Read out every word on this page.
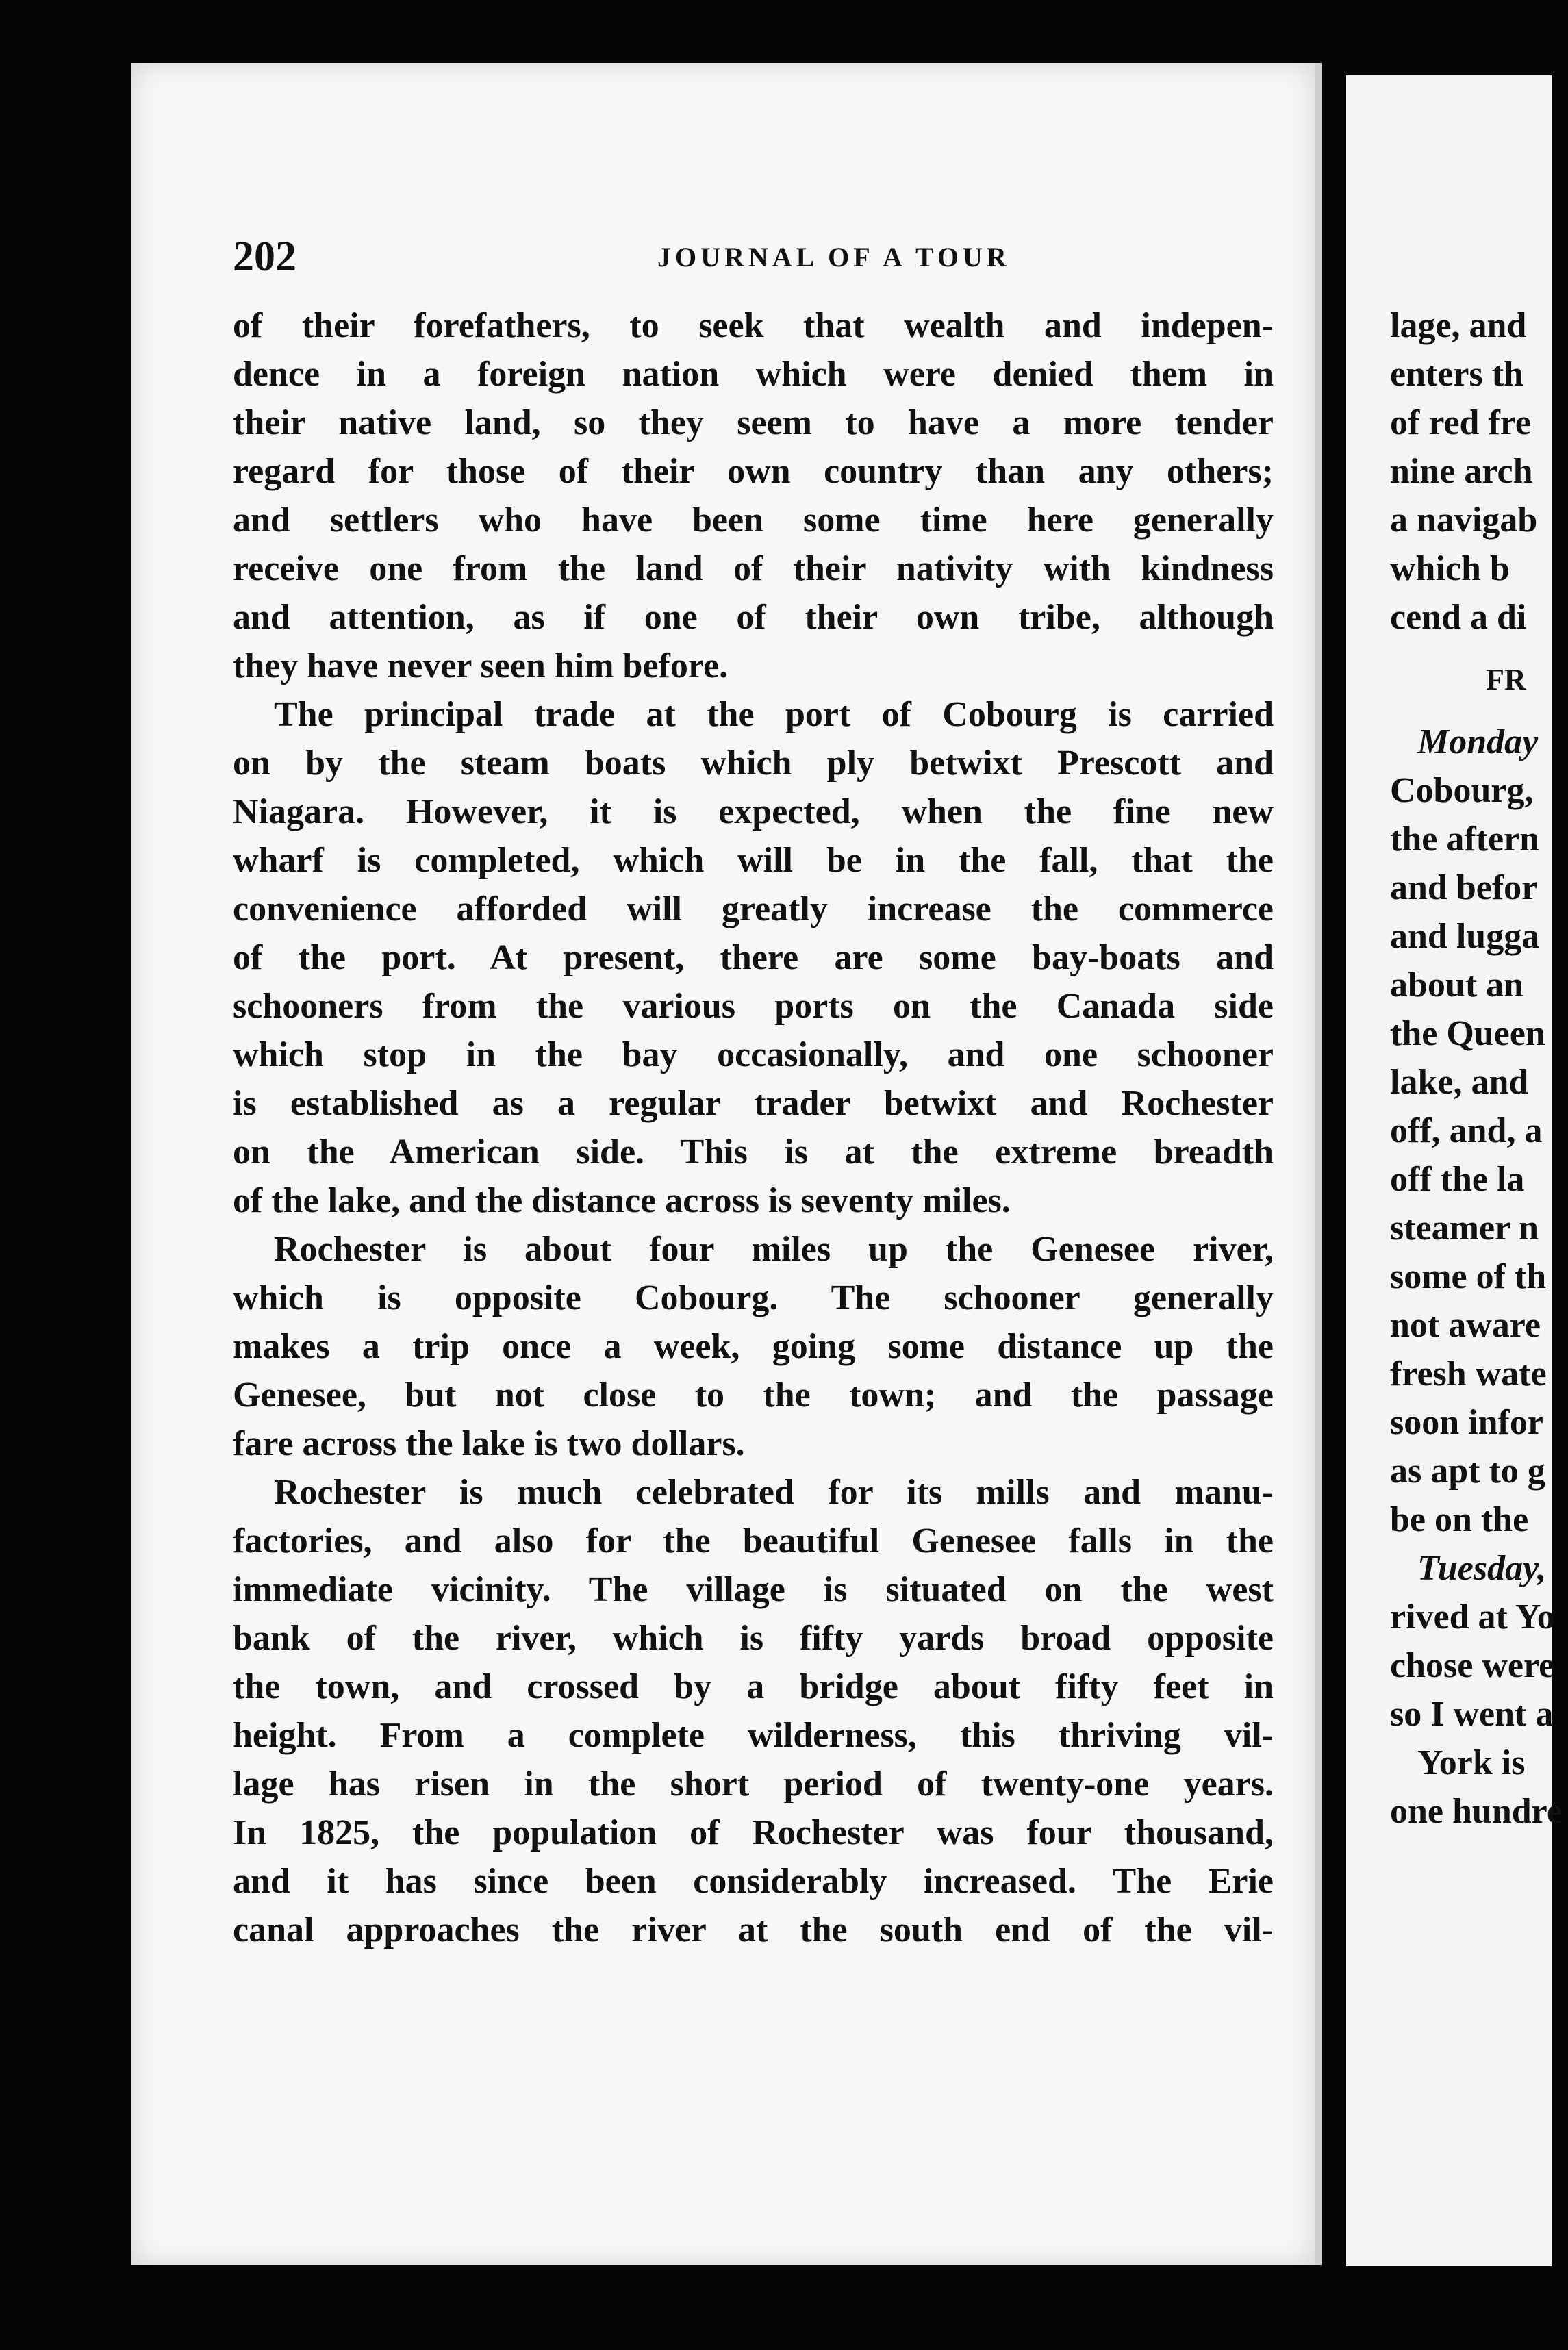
202	JOURNAL OF A TOUR
of their forefathers, to seek that wealth and indepen-
dence in a foreign nation which were denied them in
their native land, so they seem to have a more tender
regard for those of their own country than any others;
and settlers who have been some time here generally
receive one from the land of their nativity with kindness
and attention, as if one of their own tribe, although
they have never seen him before.
The principal trade at the port of Cobourg is carried
on by the steam boats which ply betwixt Prescott and
Niagara. However, it is expected, when the fine new
wharf is completed, which will be in the fall, that the
convenience afforded will greatly increase the commerce
of the port. At present, there are some bay-boats and
schooners from the various ports on the Canada side
which stop in the bay occasionally, and one schooner
is established as a regular trader betwixt and Rochester
on the American side. This is at the extreme breadth
of the lake, and the distance across is seventy miles.
Rochester is about four miles up the Genesee river,
which is opposite Cobourg. The schooner generally
makes a trip once a week, going some distance up the
Genesee, but not close to the town; and the passage
fare across the lake is two dollars.
Rochester is much celebrated for its mills and manu-
factories, and also for the beautiful Genesee falls in the
immediate vicinity. The village is situated on the west
bank of the river, which is fifty yards broad opposite
the town, and crossed by a bridge about fifty feet in
height. From a complete wilderness, this thriving vil-
lage has risen in the short period of twenty-one years.
In 1825, the population of Rochester was four thousand,
and it has since been considerably increased. The Erie
canal approaches the river at the south end of the vil-
lage, and
enters th
of red fre
nine arch
a navigab
which b
cend a di
FR
Monday
Cobourg,
the aftern
and befor
and lugga
about an
the Queen
lake, and
off, and, a
off the la
steamer n
some of th
not aware
fresh wate
soon infor
as apt to g
be on the
Tuesday,
rived at Yo
chose were
so I went a
York is
one hundre
